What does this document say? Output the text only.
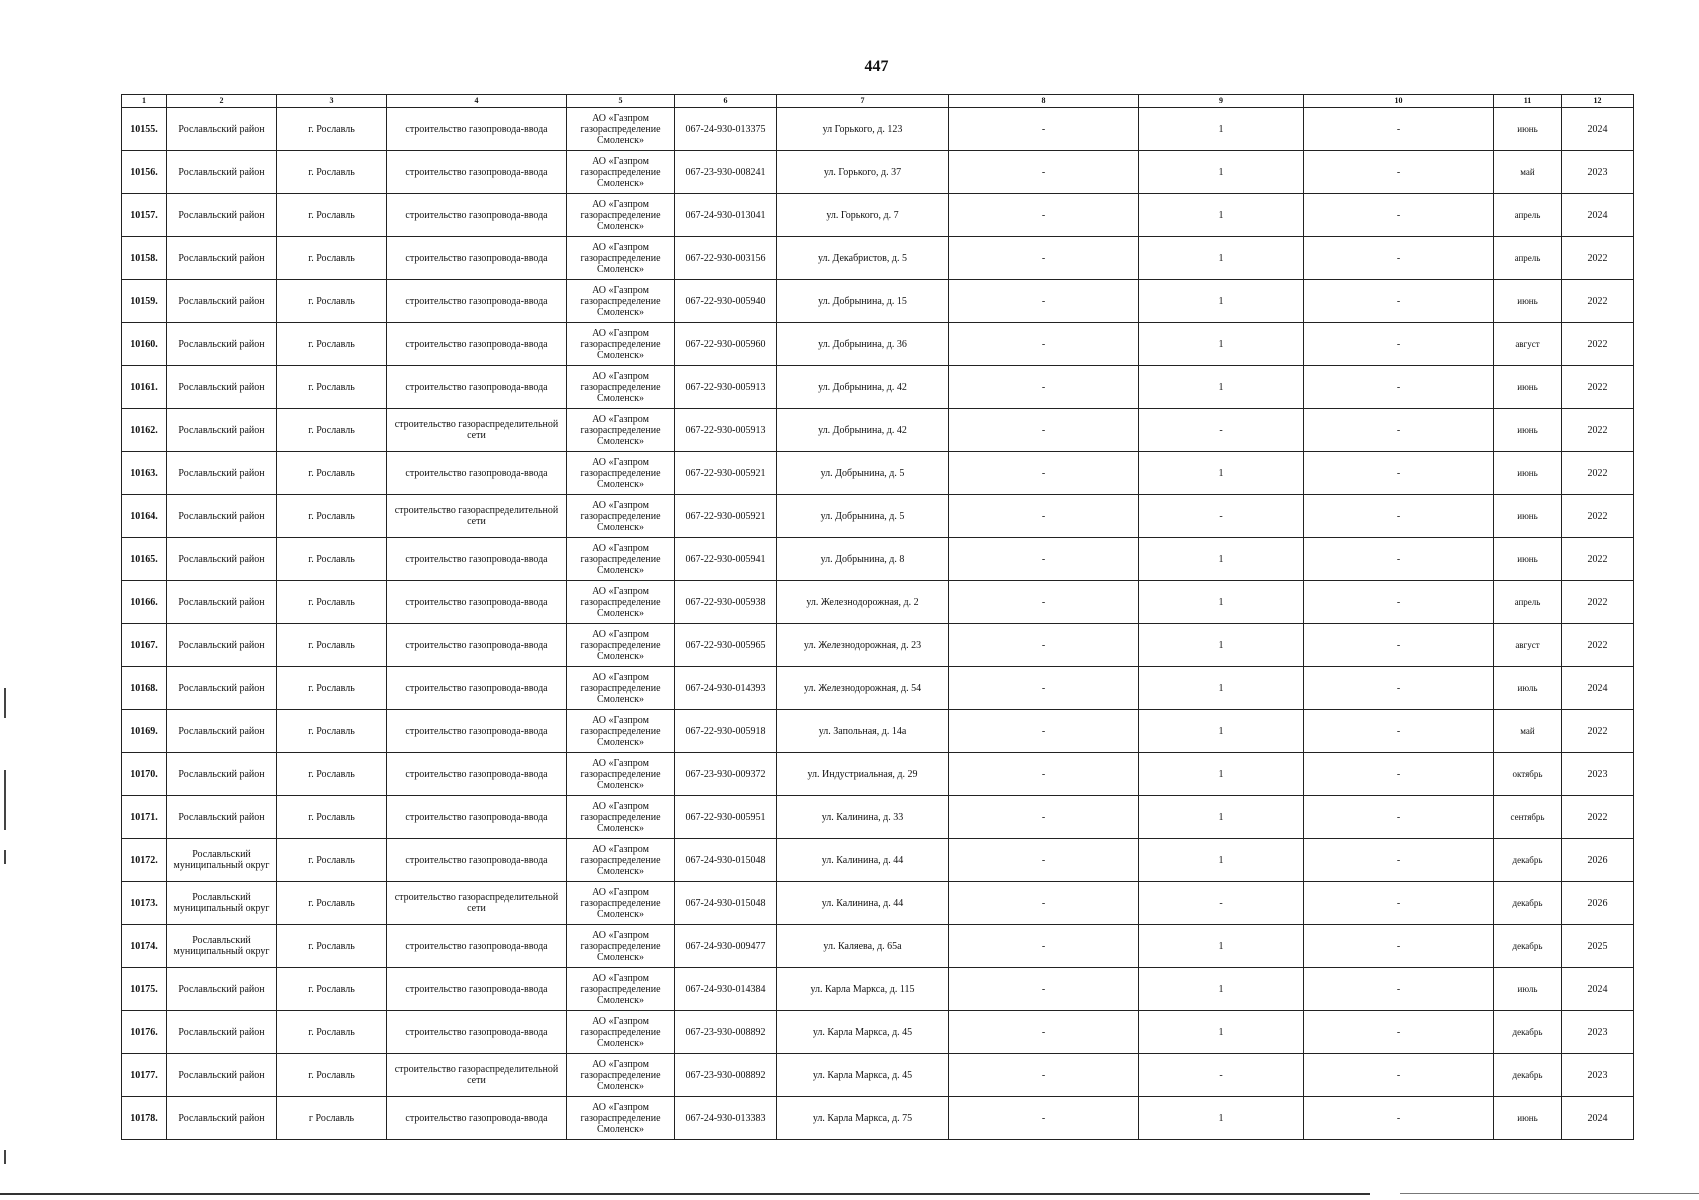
447
1	2	3	4	5	6	7	8	9	10	11	12
10155.	Рославльский район	г. Рославль	строительство газопровода-ввода	АО «Газпром газораспределение Смоленск»	067-24-930-013375	ул Горького, д. 123	-	1	-	июнь	2024
10156.	Рославльский район	г. Рославль	строительство газопровода-ввода	АО «Газпром газораспределение Смоленск»	067-23-930-008241	ул. Горького, д. 37	-	1	-	май	2023
10157.	Рославльский район	г. Рославль	строительство газопровода-ввода	АО «Газпром газораспределение Смоленск»	067-24-930-013041	ул. Горького, д. 7	-	1	-	апрель	2024
10158.	Рославльский район	г. Рославль	строительство газопровода-ввода	АО «Газпром газораспределение Смоленск»	067-22-930-003156	ул. Декабристов, д. 5	-	1	-	апрель	2022
10159.	Рославльский район	г. Рославль	строительство газопровода-ввода	АО «Газпром газораспределение Смоленск»	067-22-930-005940	ул. Добрынина, д. 15	-	1	-	июнь	2022
10160.	Рославльский район	г. Рославль	строительство газопровода-ввода	АО «Газпром газораспределение Смоленск»	067-22-930-005960	ул. Добрынина, д. 36	-	1	-	август	2022
10161.	Рославльский район	г. Рославль	строительство газопровода-ввода	АО «Газпром газораспределение Смоленск»	067-22-930-005913	ул. Добрынина, д. 42	-	1	-	июнь	2022
10162.	Рославльский район	г. Рославль	строительство газораспределительной сети	АО «Газпром газораспределение Смоленск»	067-22-930-005913	ул. Добрынина, д. 42	-	-	-	июнь	2022
10163.	Рославльский район	г. Рославль	строительство газопровода-ввода	АО «Газпром газораспределение Смоленск»	067-22-930-005921	ул. Добрынина, д. 5	-	1	-	июнь	2022
10164.	Рославльский район	г. Рославль	строительство газораспределительной сети	АО «Газпром газораспределение Смоленск»	067-22-930-005921	ул. Добрынина, д. 5	-	-	-	июнь	2022
10165.	Рославльский район	г. Рославль	строительство газопровода-ввода	АО «Газпром газораспределение Смоленск»	067-22-930-005941	ул. Добрынина, д. 8	-	1	-	июнь	2022
10166.	Рославльский район	г. Рославль	строительство газопровода-ввода	АО «Газпром газораспределение Смоленск»	067-22-930-005938	ул. Железнодорожная, д. 2	-	1	-	апрель	2022
10167.	Рославльский район	г. Рославль	строительство газопровода-ввода	АО «Газпром газораспределение Смоленск»	067-22-930-005965	ул. Железнодорожная, д. 23	-	1	-	август	2022
10168.	Рославльский район	г. Рославль	строительство газопровода-ввода	АО «Газпром газораспределение Смоленск»	067-24-930-014393	ул. Железнодорожная, д. 54	-	1	-	июль	2024
10169.	Рославльский район	г. Рославль	строительство газопровода-ввода	АО «Газпром газораспределение Смоленск»	067-22-930-005918	ул. Запольная, д. 14а	-	1	-	май	2022
10170.	Рославльский район	г. Рославль	строительство газопровода-ввода	АО «Газпром газораспределение Смоленск»	067-23-930-009372	ул. Индустриальная, д. 29	-	1	-	октябрь	2023
10171.	Рославльский район	г. Рославль	строительство газопровода-ввода	АО «Газпром газораспределение Смоленск»	067-22-930-005951	ул. Калинина, д. 33	-	1	-	сентябрь	2022
10172.	Рославльский муниципальный округ	г. Рославль	строительство газопровода-ввода	АО «Газпром газораспределение Смоленск»	067-24-930-015048	ул. Калинина, д. 44	-	1	-	декабрь	2026
10173.	Рославльский муниципальный округ	г. Рославль	строительство газораспределительной сети	АО «Газпром газораспределение Смоленск»	067-24-930-015048	ул. Калинина, д. 44	-	-	-	декабрь	2026
10174.	Рославльский муниципальный округ	г. Рославль	строительство газопровода-ввода	АО «Газпром газораспределение Смоленск»	067-24-930-009477	ул. Каляева, д. 65а	-	1	-	декабрь	2025
10175.	Рославльский район	г. Рославль	строительство газопровода-ввода	АО «Газпром газораспределение Смоленск»	067-24-930-014384	ул. Карла Маркса, д. 115	-	1	-	июль	2024
10176.	Рославльский район	г. Рославль	строительство газопровода-ввода	АО «Газпром газораспределение Смоленск»	067-23-930-008892	ул. Карла Маркса, д. 45	-	1	-	декабрь	2023
10177.	Рославльский район	г. Рославль	строительство газораспределительной сети	АО «Газпром газораспределение Смоленск»	067-23-930-008892	ул. Карла Маркса, д. 45	-	-	-	декабрь	2023
10178.	Рославльский район	г Рославль	строительство газопровода-ввода	АО «Газпром газораспределение Смоленск»	067-24-930-013383	ул. Карла Маркса, д. 75	-	1	-	июнь	2024
